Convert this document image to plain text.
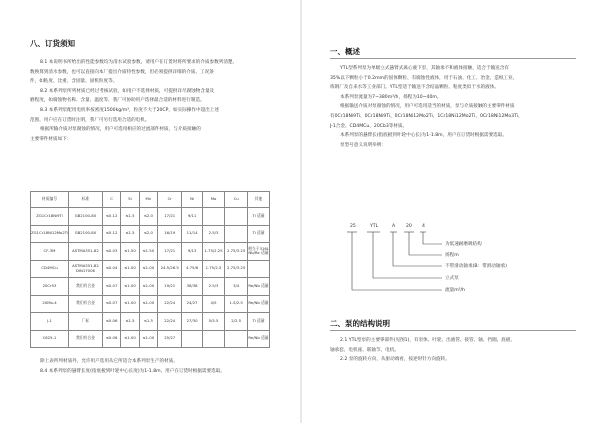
八、订货须知

8.1 本说明书所给出的性能参数均为清水试验参数，请用户在订货时将所要求的介质参数列清楚。

数换算到清水参数，也可以直接向本厂提出介质特性参数，但必须提供详细的介质、工况条

件，如粘度、比重、含固量、固机粒度等。

8.2 本系列泵所列材质已经过考核试验，如用户不选择材质，可提供详尽腐蚀物含量及

磨程度，如腐蚀物名称、含量、温度等，我厂可协助用户选择最合适的材料进行制造。

8.3 本系列泵配用电机率按密度1500kg/m³，粒度不大于20CP，如实际操作中超出上述

范围，用户应在订货时注明，我厂可另行选用合适的电机。

根据所输介质对泵腐蚀的情况，用户可选用相应的过流部件材质，与介质接触的

主要零件材质如下：

材质编号	标准	C	Si	Mn	Cr	Ni	Mo	Cu	其他
ZG1Cr18Ni9Ti	GB2100-80	≤0.12	≤1.5	≤2.0	17/21	9/11			Ti 适量
ZG1Cr18Ni12Mo2Ti	GB2100-80	≤0.12	≤1.5	≤2.0	16/19	11/14	2.5/3		Ti 适量
CF-3M	ASTMA351-82	≤0.03	≤1.50	≤1.50	17/21	9/13	1.75/2.25	2.75/3.25	相当于316L Nb/Re 适量
CD4MCu	ASTMA351-82 DIN17006	≤0.04	≤1.00	≤1.00	24.5/26.5	4.75/6	1.75/2.5	2.75/3.25	
20Cr53	我们有合金	≤0.07	≤1.00	≤1.00	19/21	36/38	2.5/3	3/4	Re/Nb 适量
20Mo-4	我们有合金	≤0.07	≤1.00	≤1.00	22/24	24/27	4/5	1.5/2.5	Re/Nb 适量
J-1	厂标	≤0.06	≤1.5	≤1.5	22/24	27/30	5/5.5	2/2.5	Ti 适量
C625-1	我们有合金	≤0.06	≤1.00	≤1.00	25/27				Re/Nb 适量

除上表所列材质外，允许用户选用从它所适合本系列泵生产的材质。

8.4 本系列泵的悬臂长度(指底板到叶轮中心长度)为1-1.8m，用户在订货时根据需要选取。

一、概述

YTL型系列泵为单级立式悬臂式离心液下泵，其轴承不和液体接触，适合于输送含有

35%以下颗粒小于0.2mm的固体颗粒、有腐蚀性液体，用于石油、化工、冶金、造纸工业、

炼钢厂及自来水等工业部门。YTL型适于输送不含结晶颗粒、粘度类似于水的液体。

本系列泵流量为7~380m³/h，扬程为10~40m。

根据输送介质对泵腐蚀的情况，用户可选用适当的材质，泵与介质接触的主要零件材质

有0Cr18Ni9Ti、0Cr18Ni9Ti、0Cr18Ni12Mo2Ti、1Cr18Ni12Mo2Ti、0Cr18Ni12Mo3Ti、

J-1合金、CD4MCu、20Cb3等材质。

本系列泵的悬臂长(指底板到叶轮中心长)为1-1.8m，用户在订货时根据需要选取。

泵型号意义说明举例：

25	YTL	A 20 4
为低速耐磨吸结构
扬程m
不带滑动轴承(B：带滑动轴承)
立式泵
流量m³/h
二、泵的结构说明

2.1 YTL型泵的主要零部件(见图1)，有泵体、叶轮、出液管、接管、轴、挡圈、底板、

轴承套、电机座、联轴节、电机。

2.2 泵的旋转方向，从驱动端看，按逆时针方向旋转。
